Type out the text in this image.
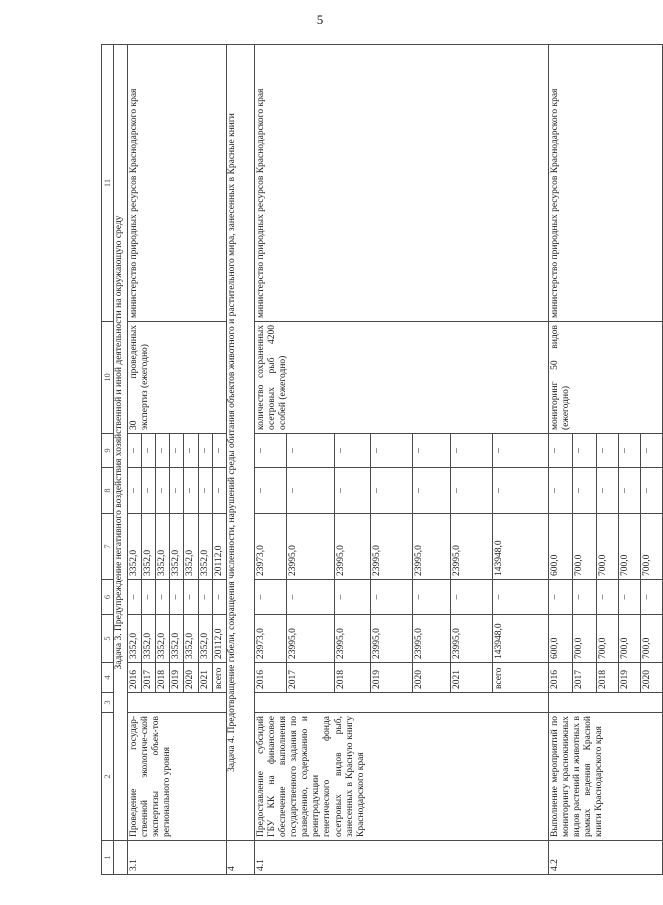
5
1	2	3	4	5	6	7	8	9	10	11
	Задача 3. Предупреждение негативного воздействия хозяйственной и иной деятельности на окружающую среду									
3.1	Проведение государ-ственной экологиче-ской экспертизы объек-тов регионального уровня		2016	3352,0	–	3352,0	–	–	30 проведенных экспертиз (ежегодно)	министерство природных ресурсов Краснодарского края
			2017	3352,0	–	3352,0	–	–		
			2018	3352,0	–	3352,0	–	–		
			2019	3352,0	–	3352,0	–	–		
			2020	3352,0	–	3352,0	–	–		
			2021	3352,0	–	3352,0	–	–		
			всего	20112,0	–	20112,0	–	–		
4	Задача 4. Предотвращение гибели, сокращения численности, нарушений среды обитания объектов животного и растительного мира, занесенных в Красные книги									
4.1	Предоставление субсидий ГБУ КК на финансовое обеспечение выполнения государственного задания по разведению, содержанию и реинтродукции генетического фонда осетровых видов рыб, занесенных в Красную книгу Краснодарского края		2016	23973,0	–	23973,0	–	–	количество сохраненных осетровых рыб 4200 особей (ежегодно)	министерство природных ресурсов Краснодарского края
			2017	23995,0	–	23995,0	–	–		
			2018	23995,0	–	23995,0	–	–		
			2019	23995,0	–	23995,0	–	–		
			2020	23995,0	–	23995,0	–	–		
			2021	23995,0	–	23995,0	–	–		
			всего	143948,0	–	143948,0	–	–		
4.2	Выполнение мероприятий по мониторингу краснокнижных видов растений и животных в рамках ведения Красной книги Краснодарского края		2016	600,0	–	600,0	–	–	мониторинг 50 видов (ежегодно)	министерство природных ресурсов Краснодарского края
			2017	700,0	–	700,0	–	–		
			2018	700,0	–	700,0	–	–		
			2019	700,0	–	700,0	–	–		
			2020	700,0	–	700,0	–	–		
